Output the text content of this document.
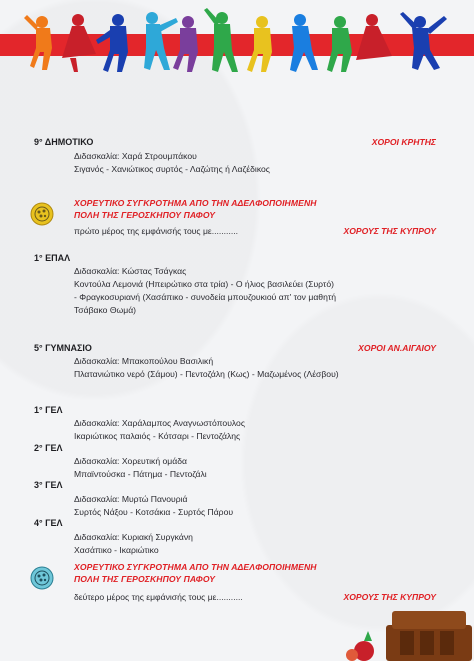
9° ΔΗΜΟΤΙΚΟ	ΧΟΡΟΙ ΚΡΗΤΗΣ
Διδασκαλία: Χαρά Στρουμπάκου
Σιγανός - Χανιώτικος συρτός - Λαζώτης ή Λαζέδικος
ΧΟΡΕΥΤΙΚΟ ΣΥΓΚΡΟΤΗΜΑ ΑΠΟ ΤΗΝ ΑΔΕΛΦΟΠΟΙΗΜΕΝΗ
ΠΟΛΗ ΤΗΣ ΓΕΡΟΣΚΗΠΟΥ ΠΑΦΟΥ
πρώτο μέρος της εμφάνισής τους με...........	ΧΟΡΟΥΣ ΤΗΣ ΚΥΠΡΟΥ
1° ΕΠΑΛ
Διδασκαλία: Κώστας Τσάγκας
Κοντούλα Λεμονιά (Ηπειρώτικο στα τρία) - Ο ήλιος βασιλεύει (Συρτό)
- Φραγκοσυριανή (Χασάπικο - συνοδεία μπουζουκιού απ' τον μαθητή
Τσάβακο Θωμά)
5° ΓΥΜΝΑΣΙΟ	ΧΟΡΟΙ ΑΝ.ΑΙΓΑΙΟΥ
Διδασκαλία: Μπακοπούλου Βασιλική
Πλατανιώτικο νερό (Σάμου) - Πεντοζάλη (Κως) - Μαζωμένος (Λέσβου)
1° ΓΕΛ
Διδασκαλία: Χαράλαμπος Αναγνωστόπουλος
Ικαριώτικος παλαιός - Κότσαρι - Πεντοζάλης
2° ΓΕΛ
Διδασκαλία: Χορευτική ομάδα
Μπαϊντούσκα - Πάτημα - Πεντοζάλι
3° ΓΕΛ
Διδασκαλία: Μυρτώ Πανουριά
Συρτός Νάξου - Κοτσάκια - Συρτός Πάρου
4° ΓΕΛ
Διδασκαλία: Κυριακή Συργκάνη
Χασάπικο - Ικαριώτικο
ΧΟΡΕΥΤΙΚΟ ΣΥΓΚΡΟΤΗΜΑ ΑΠΟ ΤΗΝ ΑΔΕΛΦΟΠΟΙΗΜΕΝΗ
ΠΟΛΗ ΤΗΣ ΓΕΡΟΣΚΗΠΟΥ ΠΑΦΟΥ
δεύτερο μέρος της εμφάνισής τους με...........	ΧΟΡΟΥΣ ΤΗΣ ΚΥΠΡΟΥ
